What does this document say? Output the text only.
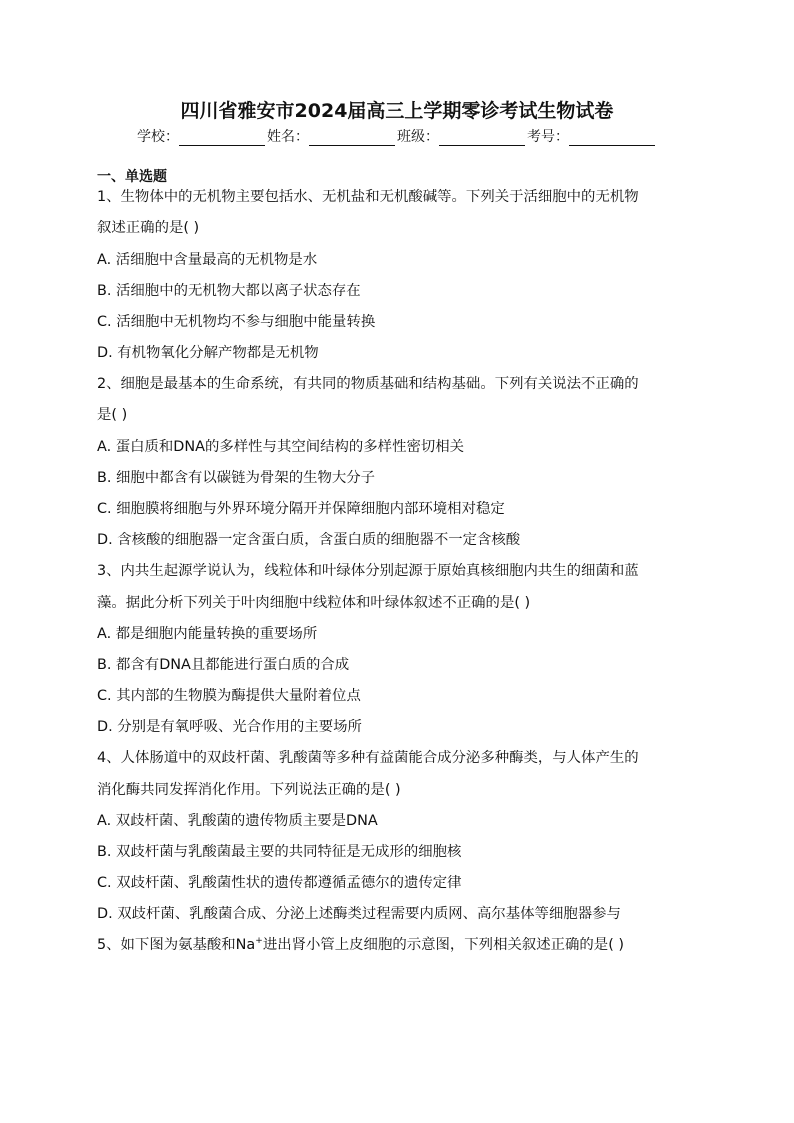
四川省雅安市2024届高三上学期零诊考试生物试卷
学校：	姓名：	班级：	考号：
一、单选题
1、生物体中的无机物主要包括水、无机盐和无机酸碱等。下列关于活细胞中的无机物
叙述正确的是( )
A. 活细胞中含量最高的无机物是水
B. 活细胞中的无机物大都以离子状态存在
C. 活细胞中无机物均不参与细胞中能量转换
D. 有机物氧化分解产物都是无机物
2、细胞是最基本的生命系统，有共同的物质基础和结构基础。下列有关说法不正确的
是( )
A. 蛋白质和DNA的多样性与其空间结构的多样性密切相关
B. 细胞中都含有以碳链为骨架的生物大分子
C. 细胞膜将细胞与外界环境分隔开并保障细胞内部环境相对稳定
D. 含核酸的细胞器一定含蛋白质，含蛋白质的细胞器不一定含核酸
3、内共生起源学说认为，线粒体和叶绿体分别起源于原始真核细胞内共生的细菌和蓝
藻。据此分析下列关于叶肉细胞中线粒体和叶绿体叙述不正确的是( )
A. 都是细胞内能量转换的重要场所
B. 都含有DNA且都能进行蛋白质的合成
C. 其内部的生物膜为酶提供大量附着位点
D. 分别是有氧呼吸、光合作用的主要场所
4、人体肠道中的双歧杆菌、乳酸菌等多种有益菌能合成分泌多种酶类，与人体产生的
消化酶共同发挥消化作用。下列说法正确的是( )
A. 双歧杆菌、乳酸菌的遗传物质主要是DNA
B. 双歧杆菌与乳酸菌最主要的共同特征是无成形的细胞核
C. 双歧杆菌、乳酸菌性状的遗传都遵循孟德尔的遗传定律
D. 双歧杆菌、乳酸菌合成、分泌上述酶类过程需要内质网、高尔基体等细胞器参与
5、如下图为氨基酸和Na+进出肾小管上皮细胞的示意图，下列相关叙述正确的是( )
